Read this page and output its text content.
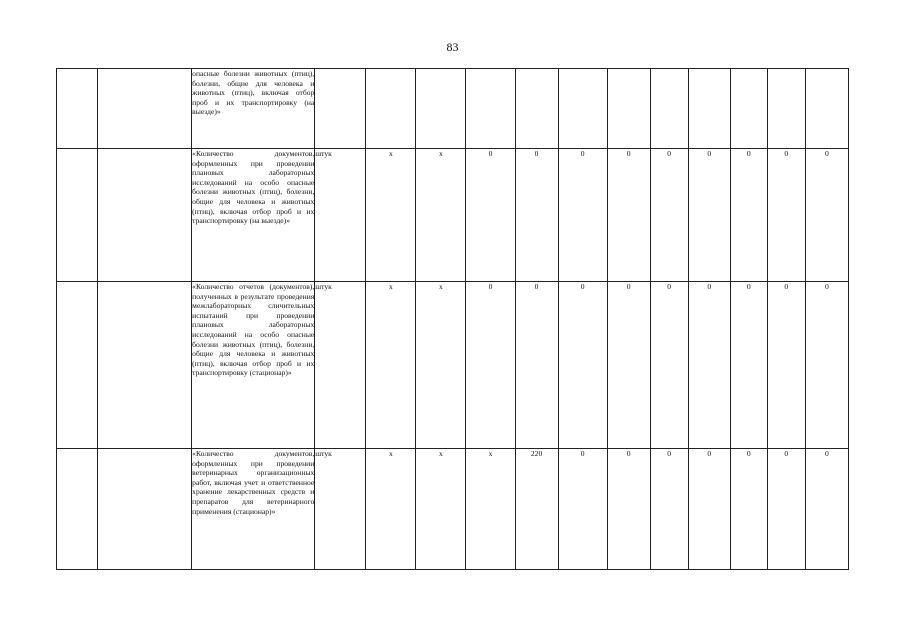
83
		опасные болезни животных (птиц), болезни, общие для человека и животных (птиц), включая отбор проб и их транспортировку (на выезде)»												
		«Количество документов, оформленных при проведении плановых лабораторных исследований на особо опасные болезни животных (птиц), болезни, общие для человека и животных (птиц), включая отбор проб и их транспортировку (на выезде)»	штук	х	х	0	0	0	0	0	0	0	0	0
		«Количество отчетов (документов), полученных в результате проведения межлабораторных сличительных испытаний при проведении плановых лабораторных исследований на особо опасные болезни животных (птиц), болезни, общие для человека и животных (птиц), включая отбор проб и их транспортировку (стационар)»	штук	х	х	0	0	0	0	0	0	0	0	0
		«Количество документов, оформленных при проведении ветеринарных организационных работ, включая учет и ответственное хранение лекарственных средств и препаратов для ветеринарного применения (стационар)»	штук	х	х	х	220	0	0	0	0	0	0	0
